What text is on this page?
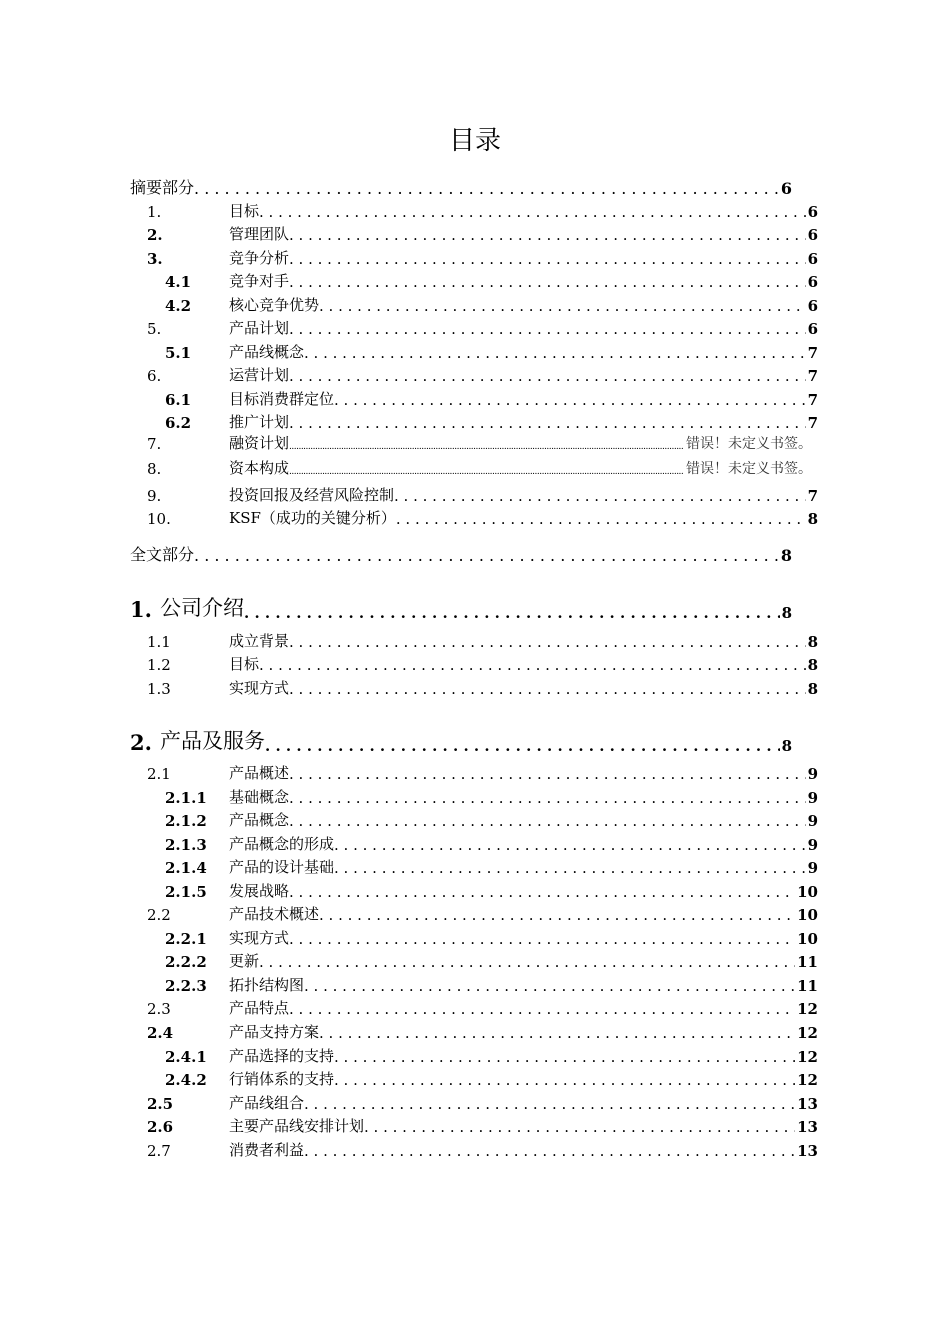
目录
摘要部分 . . .	6
1.	目标 . . .	6
2.	管理团队 . . .	6
3.	竞争分析 . . .	6
4.1	竞争对手 . . .	6
4.2	核心竞争优势 . . .	6
5.	产品计划 . . .	6
5.1	产品线概念 . . .	7
6.	运营计划 . . .	7
6.1	目标消费群定位 . . .	7
6.2	推广计划 . . .	7
7.	融资计划 .....	错误！未定义书签。
8.	资本构成 .....	错误！未定义书签。
9.	投资回报及经营风险控制 . . .	7
10.	KSF（成功的关键分析） . . .	8
全文部分 . . .	8
1. 公司介绍 . . .	8
1.1	成立背景 . . .	8
1.2	目标 . . .	8
1.3	实现方式 . . .	8
2. 产品及服务 . . .	8
2.1	产品概述 . . .	9
2.1.1	基础概念 . . .	9
2.1.2	产品概念 . . .	9
2.1.3	产品概念的形成 . . .	9
2.1.4	产品的设计基础 . . .	9
2.1.5	发展战略 . . .	10
2.2	产品技术概述 . . .	10
2.2.1	实现方式 . . .	10
2.2.2	更新 . . .	11
2.2.3	拓扑结构图 . . .	11
2.3	产品特点 . . .	12
2.4	产品支持方案 . . .	12
2.4.1	产品选择的支持 . . .	12
2.4.2	行销体系的支持 . . .	12
2.5	产品线组合 . . .	13
2.6	主要产品线安排计划 . . .	13
2.7	消费者利益 . . .	13
